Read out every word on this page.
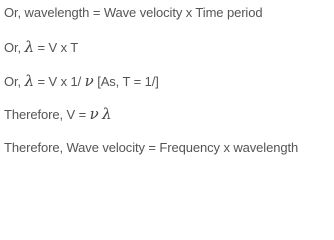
Or, wavelength = Wave velocity x Time period
Or, λ = V x T
Or, λ = V x 1/ ν [As, T = 1/]
Therefore, V = ν λ
Therefore, Wave velocity = Frequency x wavelength
